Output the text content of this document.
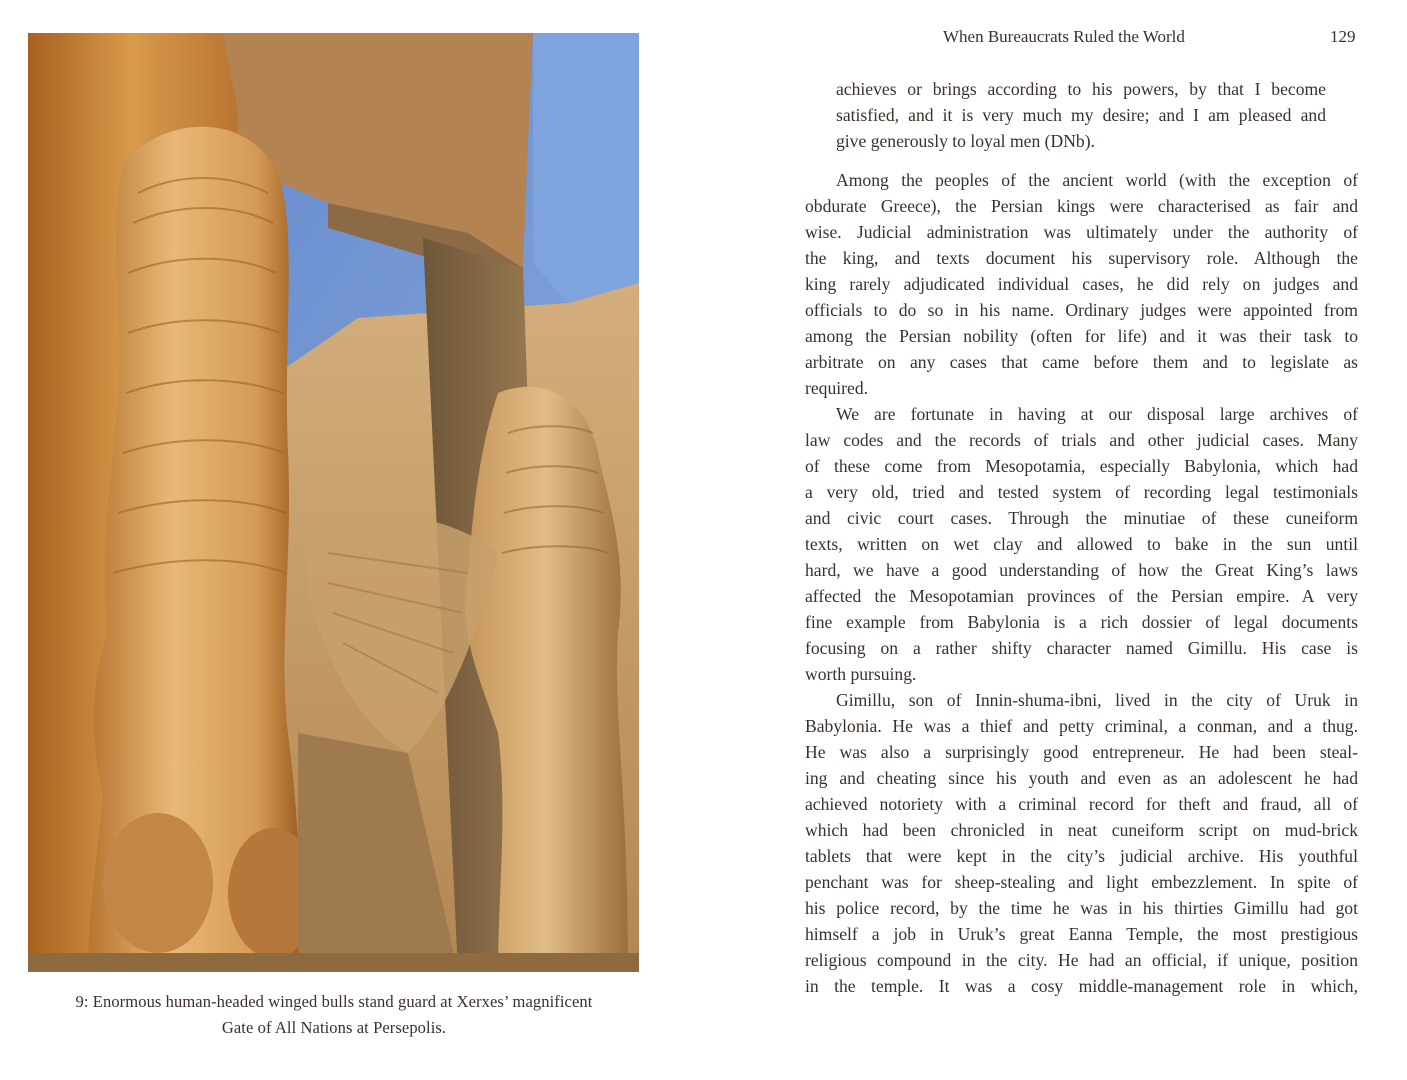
9: Enormous human-headed winged bulls stand guard at Xerxes’ magnificent
Gate of All Nations at Persepolis.
When Bureaucrats Ruled the World	129
achieves or brings according to his powers, by that I become
satisfied, and it is very much my desire; and I am pleased and
give generously to loyal men (DNb).
Among the peoples of the ancient world (with the exception of
obdurate Greece), the Persian kings were characterised as fair and
wise. Judicial administration was ultimately under the authority of
the king, and texts document his supervisory role. Although the
king rarely adjudicated individual cases, he did rely on judges and
officials to do so in his name. Ordinary judges were appointed from
among the Persian nobility (often for life) and it was their task to
arbitrate on any cases that came before them and to legislate as
required.
We are fortunate in having at our disposal large archives of
law codes and the records of trials and other judicial cases. Many
of these come from Mesopotamia, especially Babylonia, which had
a very old, tried and tested system of recording legal testimonials
and civic court cases. Through the minutiae of these cuneiform
texts, written on wet clay and allowed to bake in the sun until
hard, we have a good understanding of how the Great King’s laws
affected the Mesopotamian provinces of the Persian empire. A very
fine example from Babylonia is a rich dossier of legal documents
focusing on a rather shifty character named Gimillu. His case is
worth pursuing.
Gimillu, son of Innin-shuma-ibni, lived in the city of Uruk in
Babylonia. He was a thief and petty criminal, a conman, and a thug.
He was also a surprisingly good entrepreneur. He had been steal-
ing and cheating since his youth and even as an adolescent he had
achieved notoriety with a criminal record for theft and fraud, all of
which had been chronicled in neat cuneiform script on mud-brick
tablets that were kept in the city’s judicial archive. His youthful
penchant was for sheep-stealing and light embezzlement. In spite of
his police record, by the time he was in his thirties Gimillu had got
himself a job in Uruk’s great Eanna Temple, the most prestigious
religious compound in the city. He had an official, if unique, position
in the temple. It was a cosy middle-management role in which,
